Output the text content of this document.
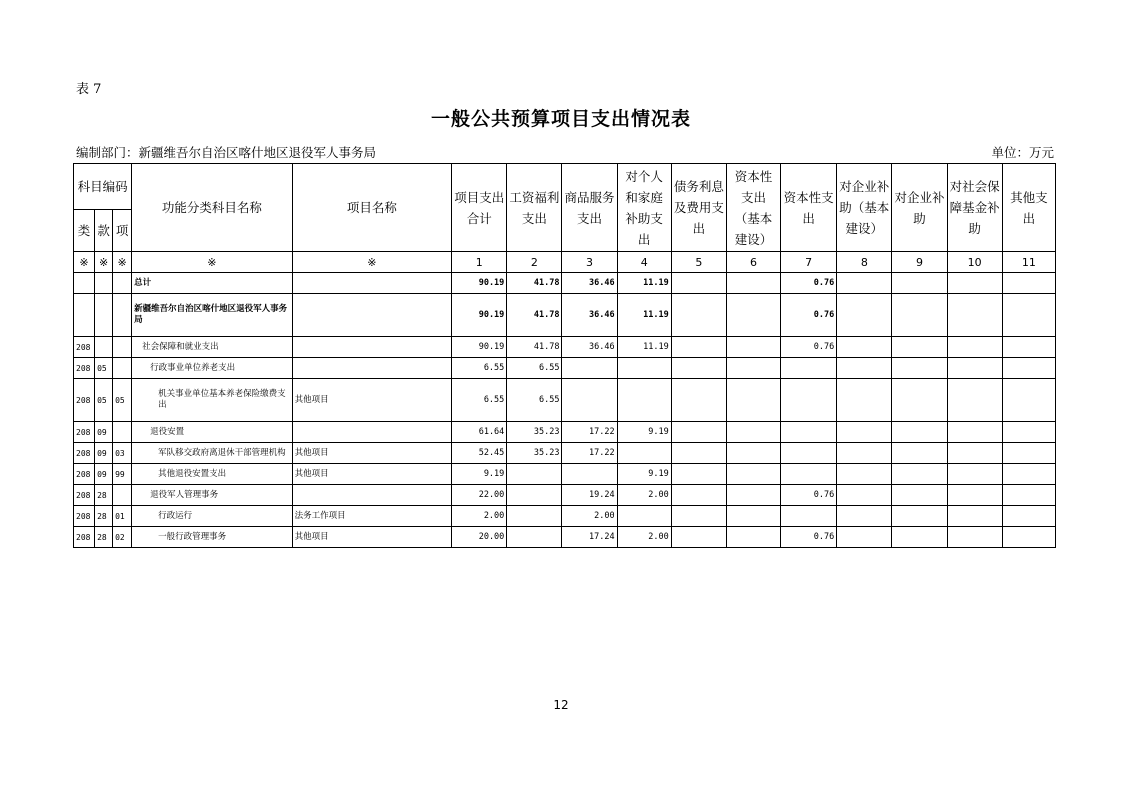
表 7
一般公共预算项目支出情况表
编制部门：新疆维吾尔自治区喀什地区退役军人事务局	单位：万元
科目编码			功能分类科目名称	项目名称	项目支出合计	工资福利支出	商品服务支出	对个人和家庭补助支出	债务利息及费用支出	资本性支出（基本建设）	资本性支出	对企业补助（基本建设）	对企业补助	对社会保障基金补助	其他支出
类	款	项													
※	※	※	※	※	1	2	3	4	5	6	7	8	9	10	11
			总计		90.19	41.78	36.46	11.19			0.76				
			新疆维吾尔自治区喀什地区退役军人事务局		90.19	41.78	36.46	11.19			0.76				
208			社会保障和就业支出		90.19	41.78	36.46	11.19			0.76				
208	05		行政事业单位养老支出		6.55	6.55									
208	05	05	机关事业单位基本养老保险缴费支出	其他项目	6.55	6.55									
208	09		退役安置		61.64	35.23	17.22	9.19							
208	09	03	军队移交政府离退休干部管理机构	其他项目	52.45	35.23	17.22								
208	09	99	其他退役安置支出	其他项目	9.19			9.19							
208	28		退役军人管理事务		22.00		19.24	2.00			0.76				
208	28	01	行政运行	法务工作项目	2.00		2.00								
208	28	02	一般行政管理事务	其他项目	20.00		17.24	2.00			0.76				
12
